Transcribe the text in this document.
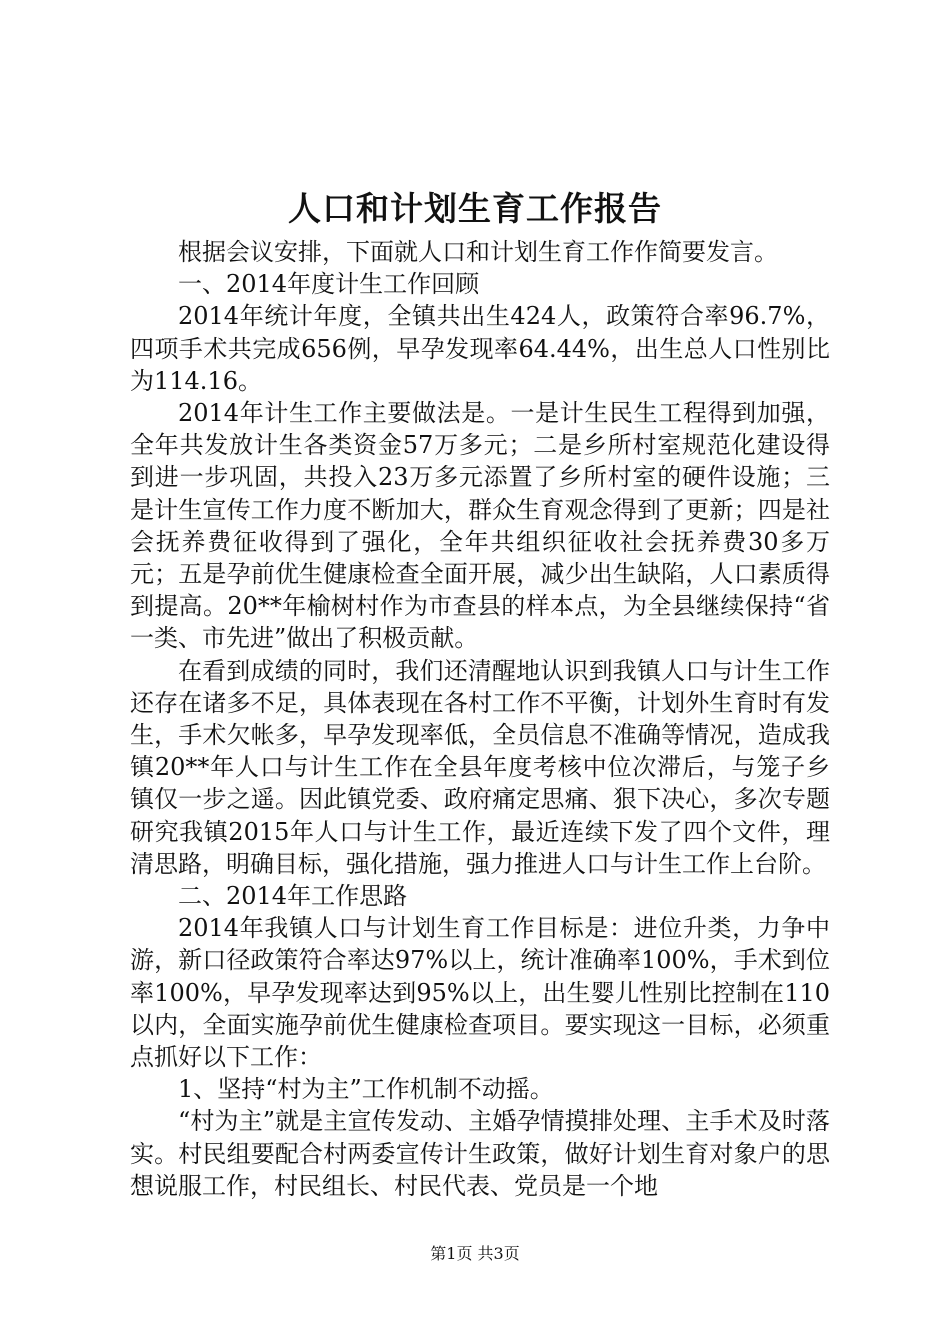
人口和计划生育工作报告

根据会议安排，下面就人口和计划生育工作作简要发言。

一、2014年度计生工作回顾

2014年统计年度，全镇共出生424人，政策符合率96.7%，四项手术共完成656例，早孕发现率64.44%，出生总人口性别比为114.16。

2014年计生工作主要做法是。一是计生民生工程得到加强，全年共发放计生各类资金57万多元；二是乡所村室规范化建设得到进一步巩固，共投入23万多元添置了乡所村室的硬件设施；三是计生宣传工作力度不断加大，群众生育观念得到了更新；四是社会抚养费征收得到了强化，全年共组织征收社会抚养费30多万元；五是孕前优生健康检查全面开展，减少出生缺陷，人口素质得到提高。20**年榆树村作为市查县的样本点，为全县继续保持“省一类、市先进”做出了积极贡献。

在看到成绩的同时，我们还清醒地认识到我镇人口与计生工作还存在诸多不足，具体表现在各村工作不平衡，计划外生育时有发生，手术欠帐多，早孕发现率低，全员信息不准确等情况，造成我镇20**年人口与计生工作在全县年度考核中位次滞后，与笼子乡镇仅一步之遥。因此镇党委、政府痛定思痛、狠下决心，多次专题研究我镇2015年人口与计生工作，最近连续下发了四个文件，理清思路，明确目标，强化措施，强力推进人口与计生工作上台阶。

二、2014年工作思路

2014年我镇人口与计划生育工作目标是：进位升类，力争中游，新口径政策符合率达97%以上，统计准确率100%，手术到位率100%，早孕发现率达到95%以上，出生婴儿性别比控制在110以内，全面实施孕前优生健康检查项目。要实现这一目标，必须重点抓好以下工作：

1、坚持“村为主”工作机制不动摇。

“村为主”就是主宣传发动、主婚孕情摸排处理、主手术及时落实。村民组要配合村两委宣传计生政策，做好计划生育对象户的思想说服工作，村民组长、村民代表、党员是一个地

第1页 共3页
